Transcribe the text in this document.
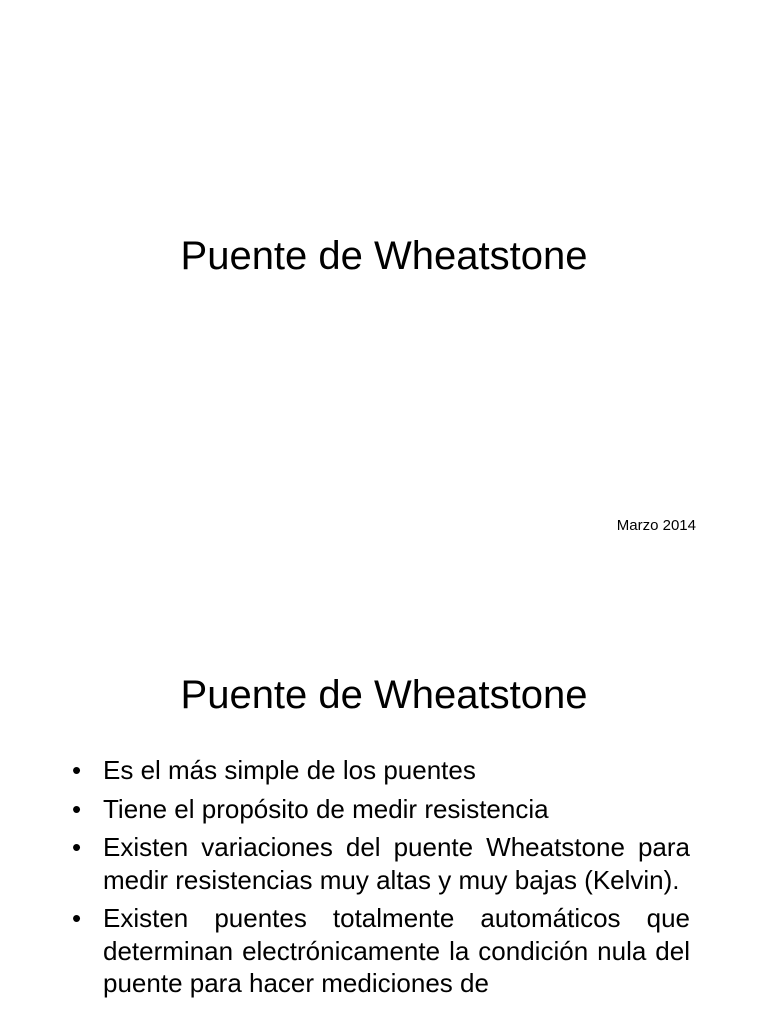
Puente de Wheatstone
Marzo 2014
Puente de Wheatstone
• Es el más simple de los puentes
• Tiene el propósito de medir resistencia
• Existen variaciones del puente Wheatstone para medir resistencias muy altas y muy bajas (Kelvin).
• Existen puentes totalmente automáticos que determinan electrónicamente la condición nula del puente para hacer mediciones de
